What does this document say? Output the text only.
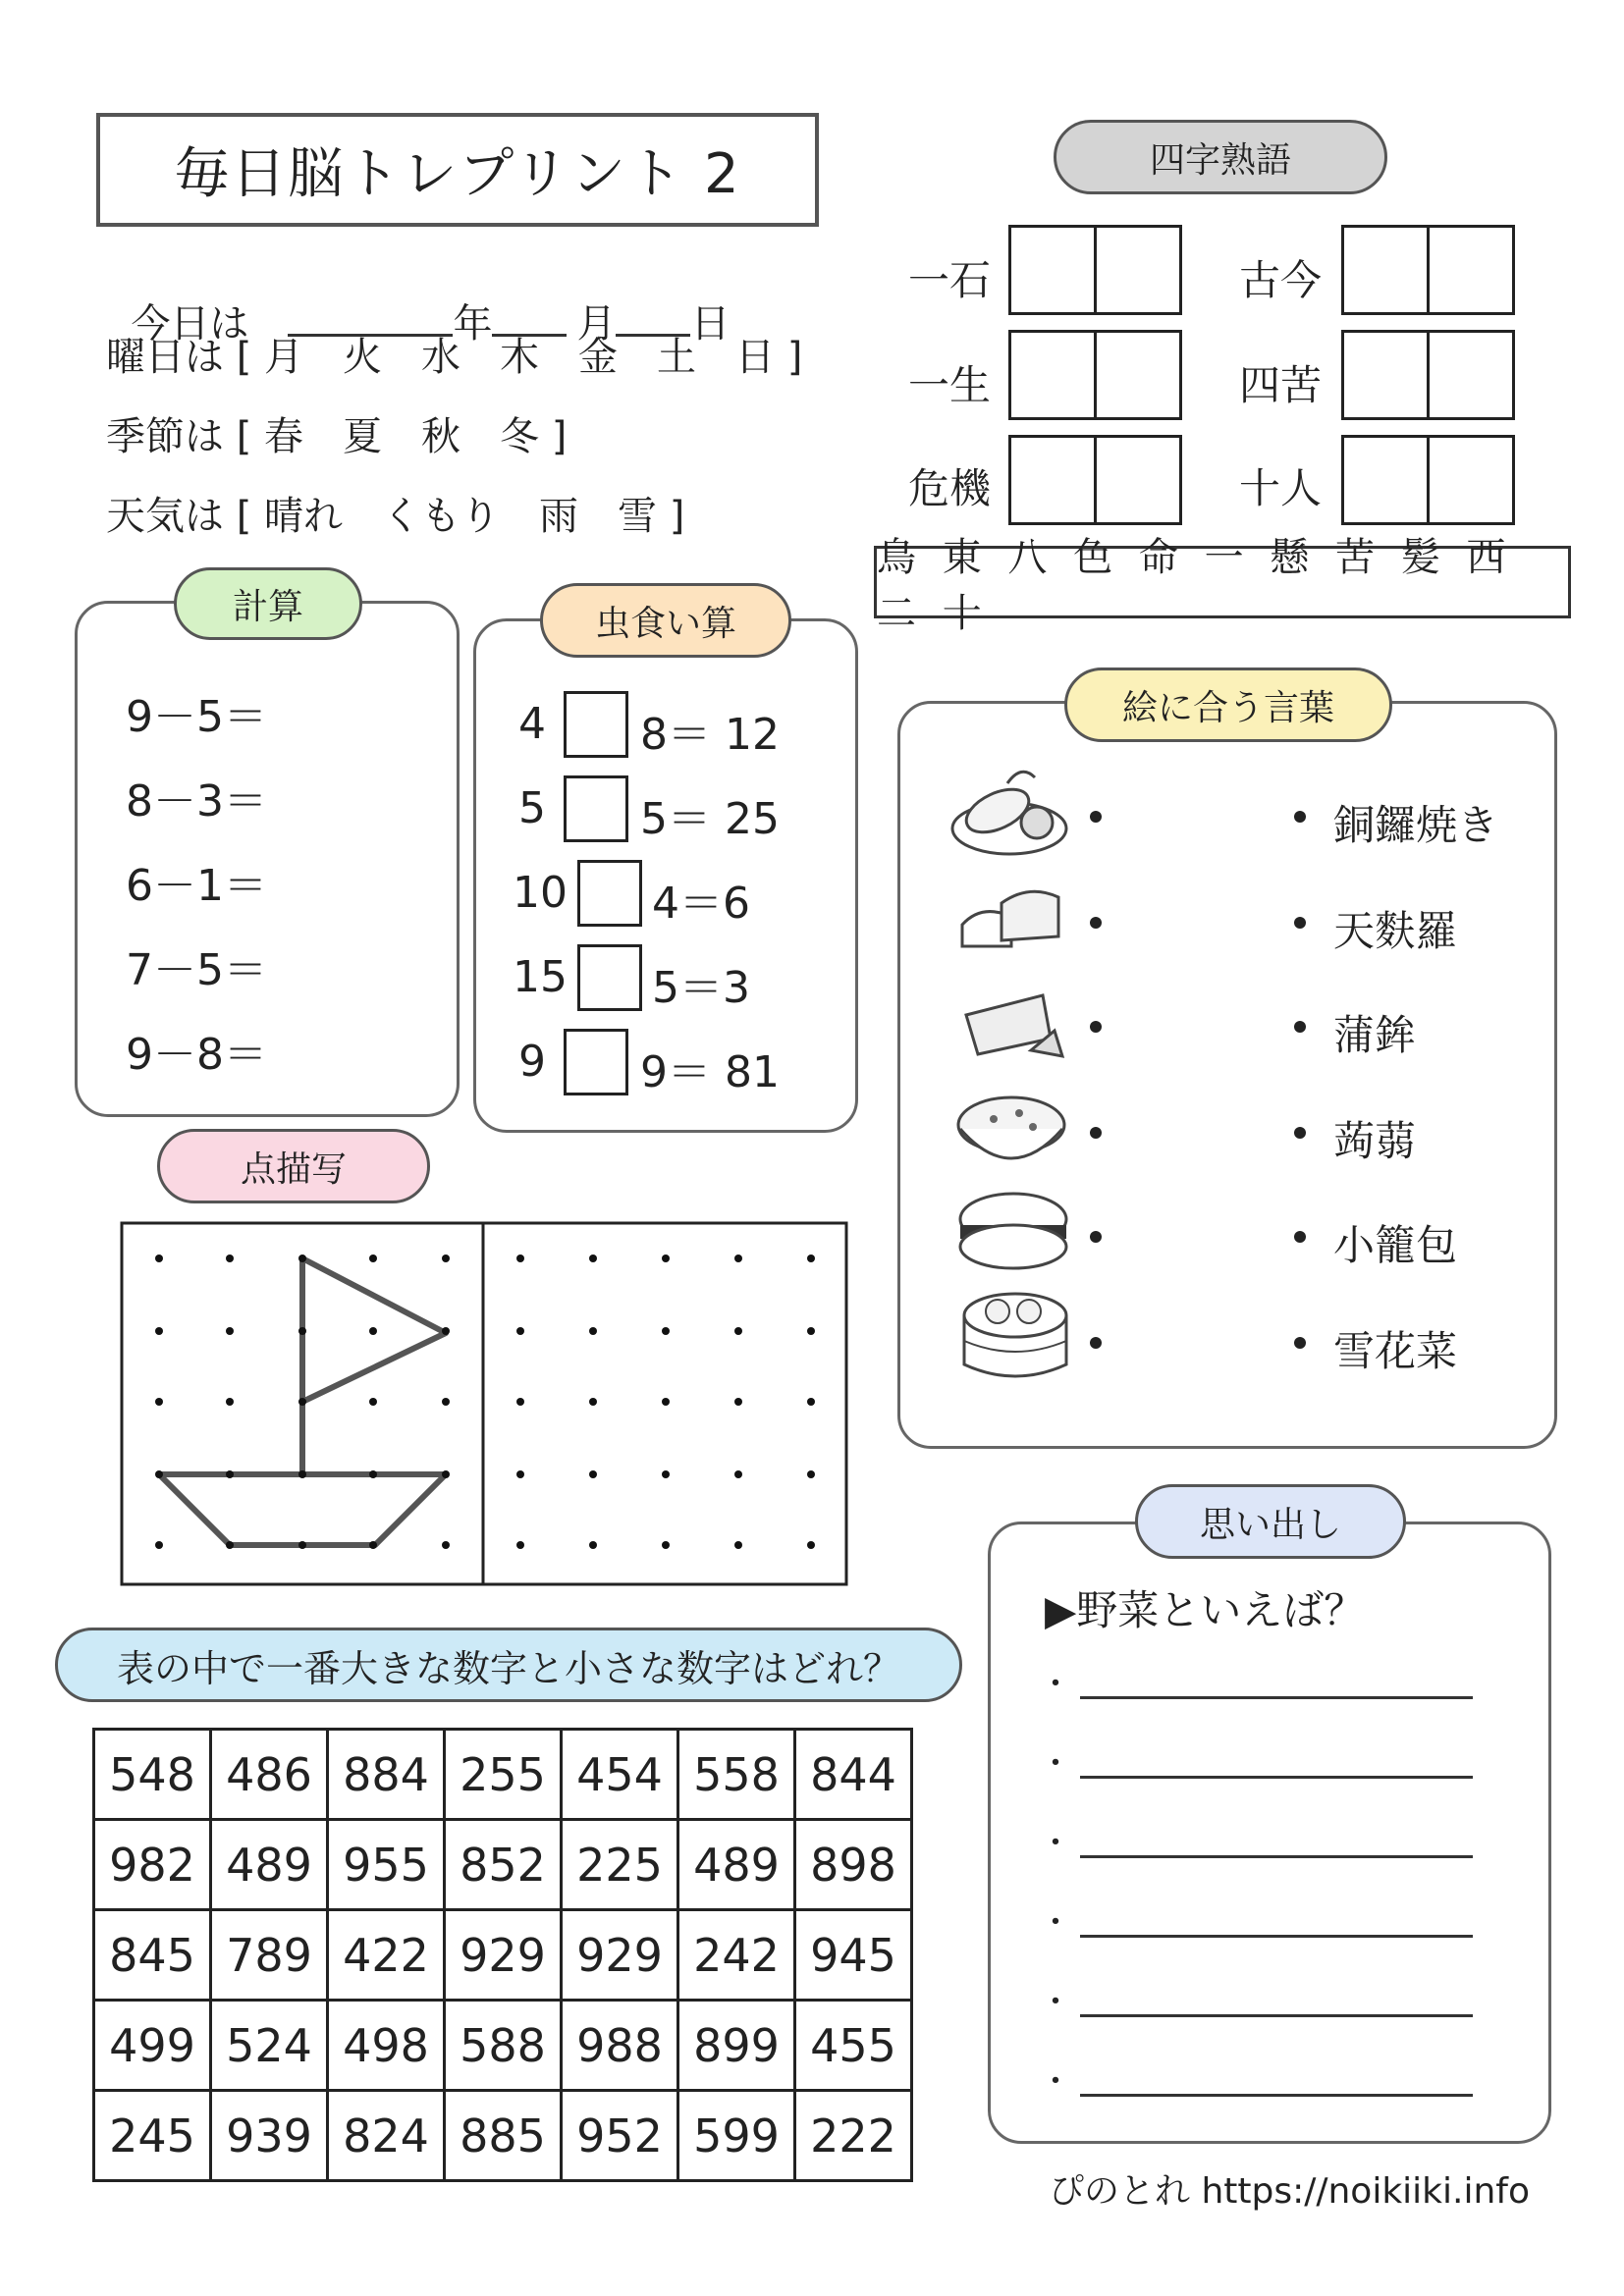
毎日脳トレプリント 2

今日は	年 月 日

曜日は [ 月　火　水　木　金　土　日 ]
季節は [ 春　夏　秋　冬 ]
天気は [ 晴れ　くもり　雨　雪 ]
四字熟語
一石
一生
危機
古今
四苦
十人
鳥 東 八 色 命 一 懸 苦 髪 西 二 十
計算
9－5＝
8－3＝
6－1＝
7－5＝
9－8＝
虫食い算
4 8＝ 12
5 5＝ 25
10 4＝6
15 5＝3
9 9＝ 81
絵に合う言葉
銅鑼焼き
天麩羅
蒲鉾
蒟蒻
小籠包
雪花菜
点描写
表の中で一番大きな数字と小さな数字はどれ？
548	486	884	255	454	558	844
982	489	955	852	225	489	898
845	789	422	929	929	242	945
499	524	498	588	988	899	455
245	939	824	885	952	599	222
思い出し
▶野菜といえば？
・
・
・
・
・
・
ぴのとれ https://noikiiki.info
